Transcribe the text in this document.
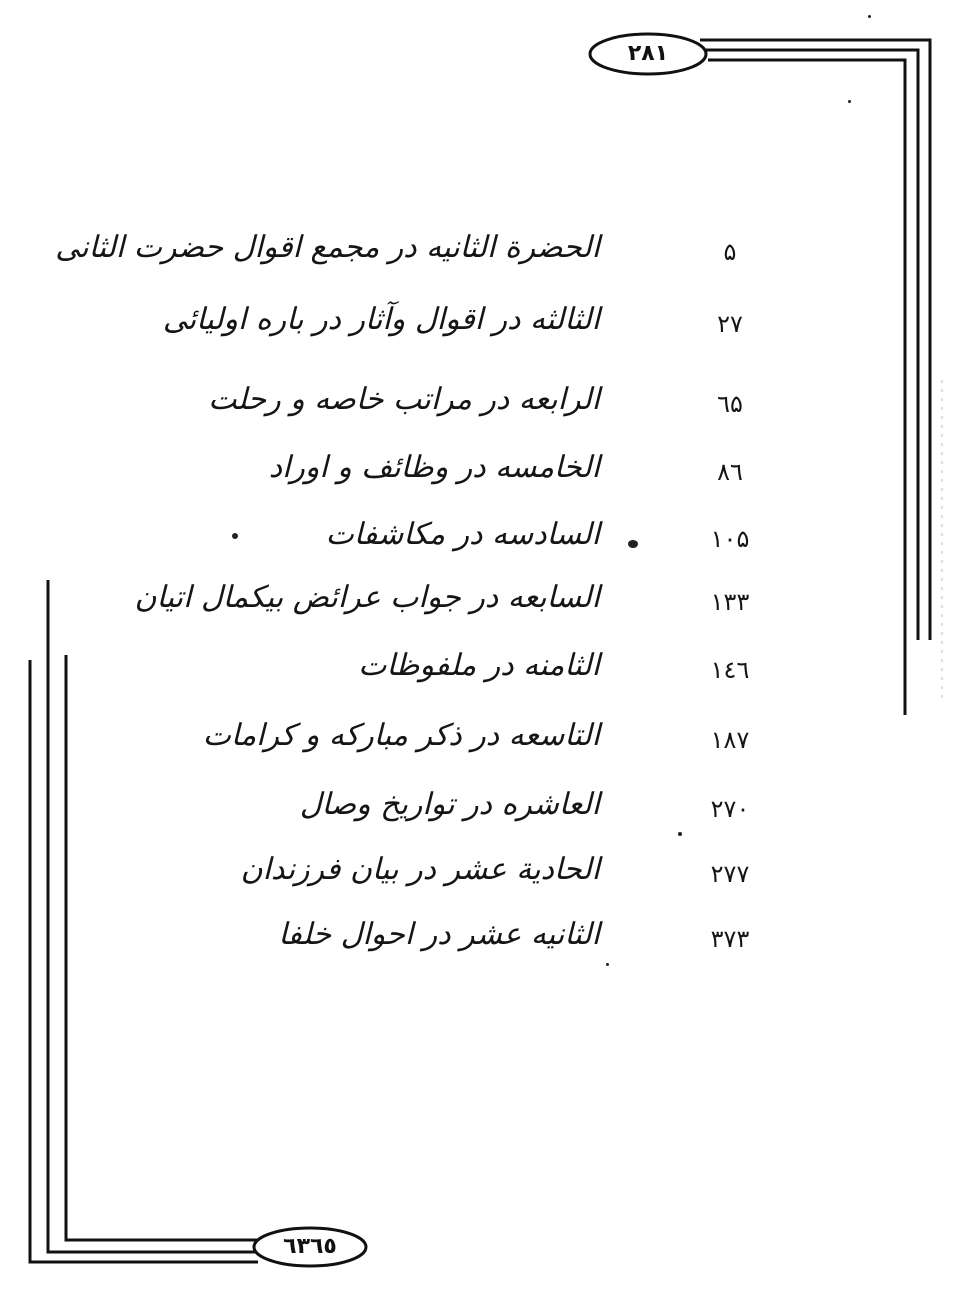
٢٨١
٦٣٦٥
الحضرة الثانيه در مجمع اقوال حضرت الثانى	۵
الثالثه در اقوال وآثار در باره اوليائى	٢٧
الرابعه در مراتب خاصه و رحلت	٦۵
الخامسه در وظائف و اوراد	٨٦
السادسه در مكاشفات	١٠۵
السابعه در جواب عرائض بيكمال اتيان	١٣٣
الثامنه در ملفوظات	١٤٦
التاسعه در ذكر مباركه و كرامات	١٨٧
العاشره در تواريخ وصال	٢٧٠
الحادية عشر در بيان فرزندان	٢٧٧
الثانيه عشر در احوال خلفا	٣٧٣
